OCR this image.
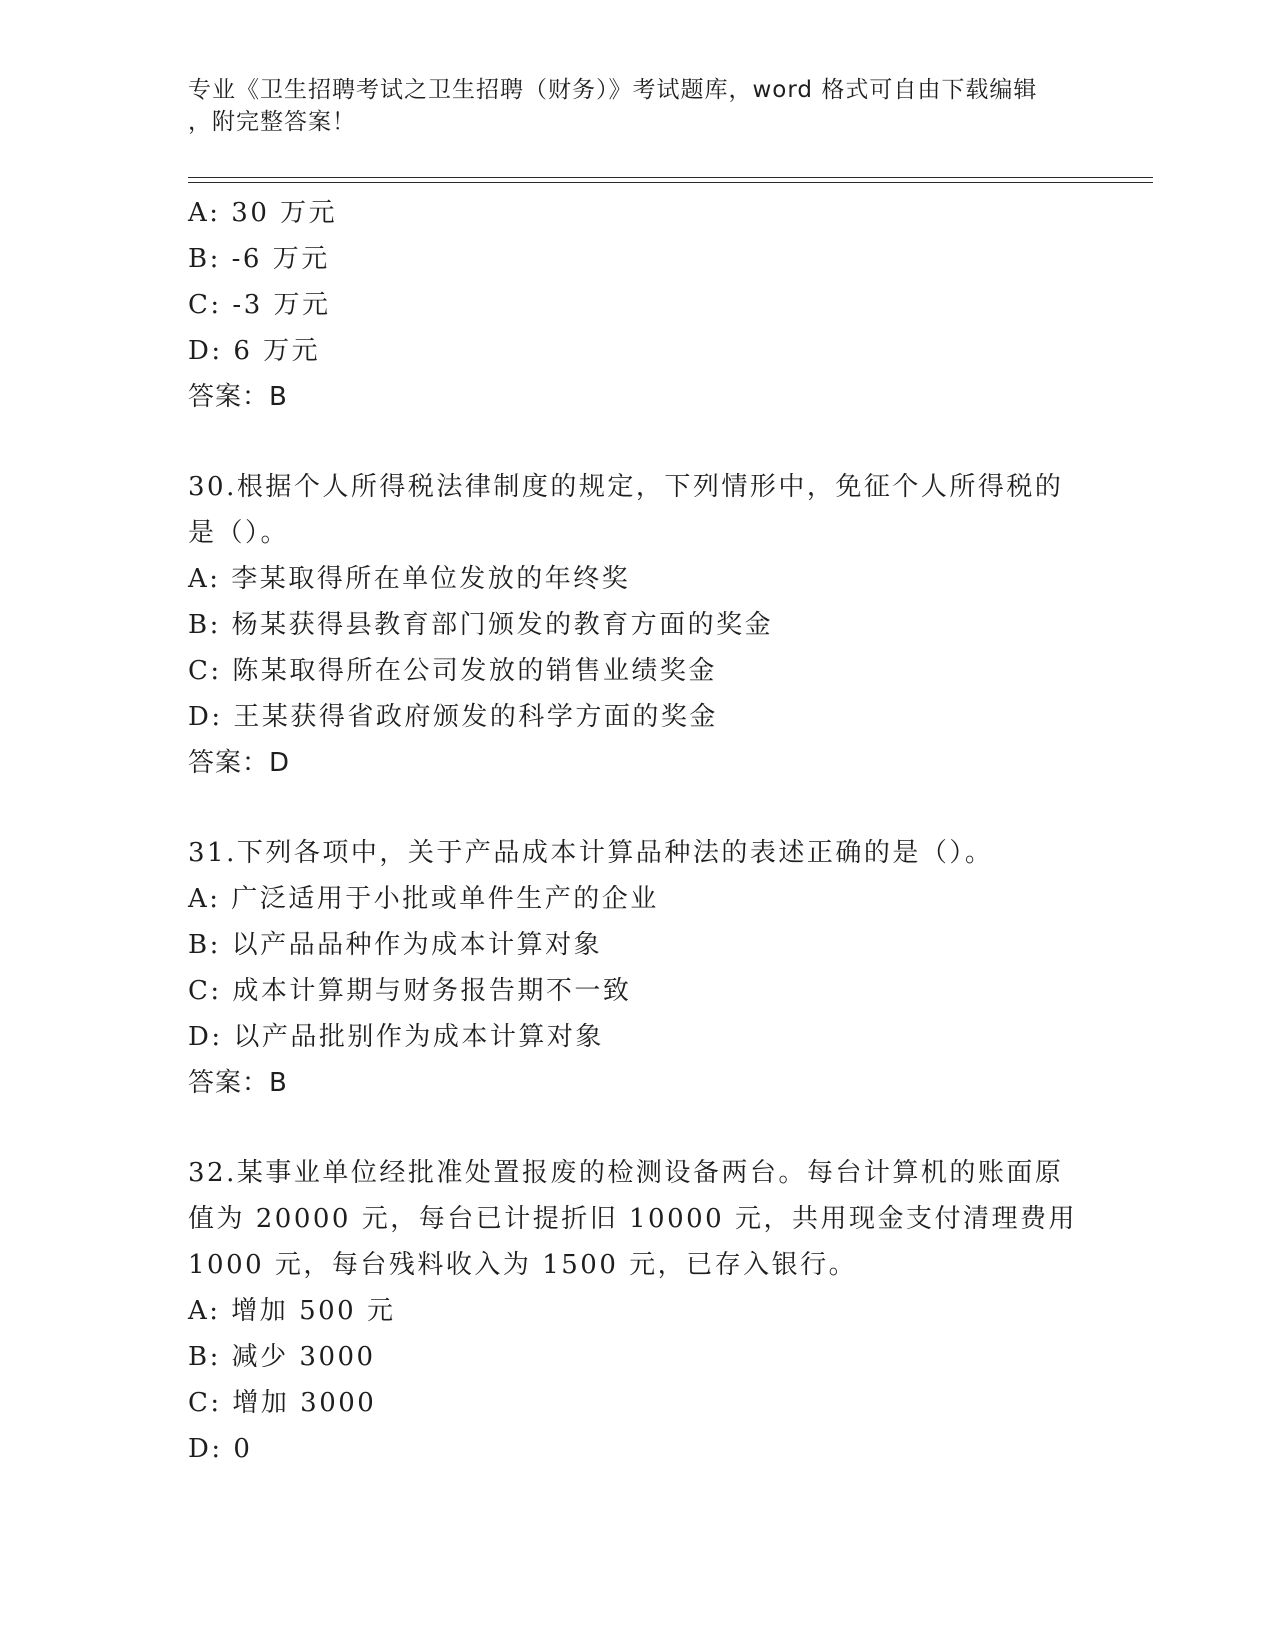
专业《卫生招聘考试之卫生招聘（财务）》考试题库，word 格式可自由下载编辑
，附完整答案！
A: 30 万元
B: -6 万元
C: -3 万元
D: 6 万元
答案：B
30.根据个人所得税法律制度的规定，下列情形中，免征个人所得税的
是（）。
A: 李某取得所在单位发放的年终奖
B: 杨某获得县教育部门颁发的教育方面的奖金
C: 陈某取得所在公司发放的销售业绩奖金
D: 王某获得省政府颁发的科学方面的奖金
答案：D
31.下列各项中，关于产品成本计算品种法的表述正确的是（）。
A: 广泛适用于小批或单件生产的企业
B: 以产品品种作为成本计算对象
C: 成本计算期与财务报告期不一致
D: 以产品批别作为成本计算对象
答案：B
32.某事业单位经批准处置报废的检测设备两台。每台计算机的账面原
值为 20000 元，每台已计提折旧 10000 元，共用现金支付清理费用
1000 元，每台残料收入为 1500 元，已存入银行。
A: 增加 500 元
B: 减少 3000
C: 增加 3000
D: 0
